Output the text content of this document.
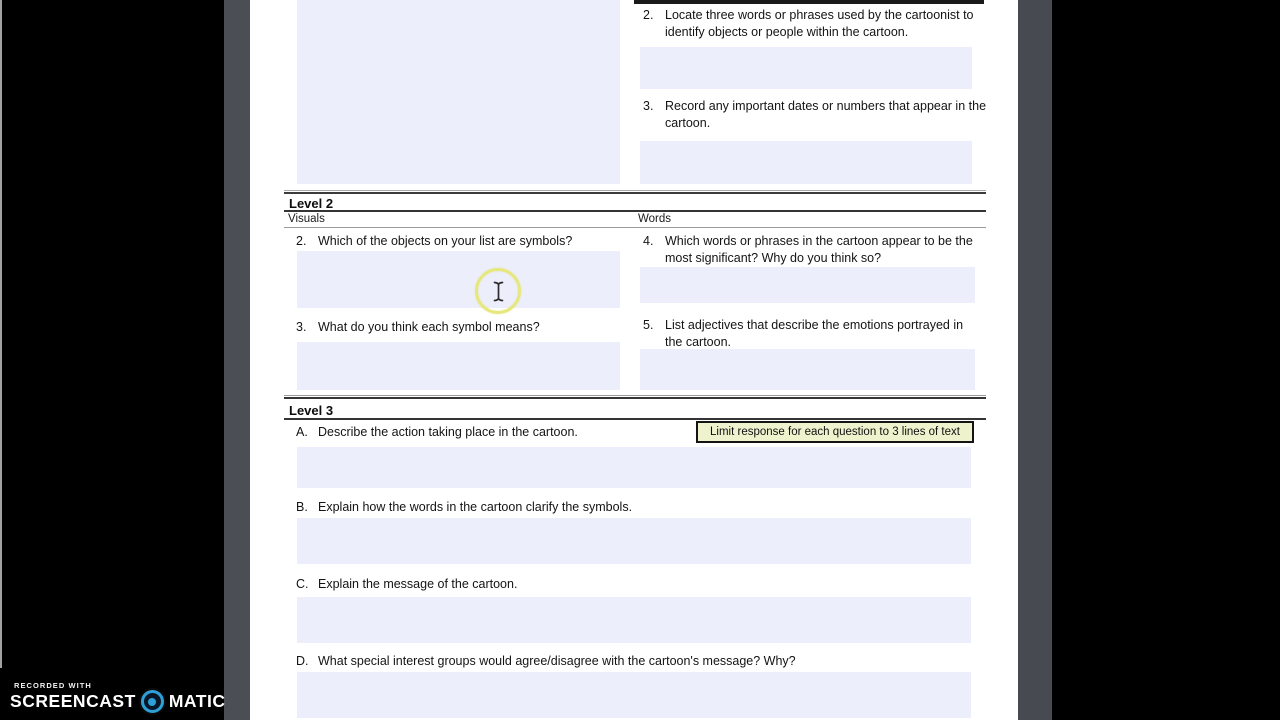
2. Locate three words or phrases used by the cartoonist to identify objects or people within the cartoon.
3. Record any important dates or numbers that appear in the cartoon.
Level 2
Visuals	Words
2. Which of the objects on your list are symbols?
3. What do you think each symbol means?
4. Which words or phrases in the cartoon appear to be the most significant? Why do you think so?
5. List adjectives that describe the emotions portrayed in the cartoon.
Level 3
Limit response for each question to 3 lines of text
A. Describe the action taking place in the cartoon.
B. Explain how the words in the cartoon clarify the symbols.
C. Explain the message of the cartoon.
D. What special interest groups would agree/disagree with the cartoon's message? Why?
RECORDED WITH
SCREENCAST MATIC
